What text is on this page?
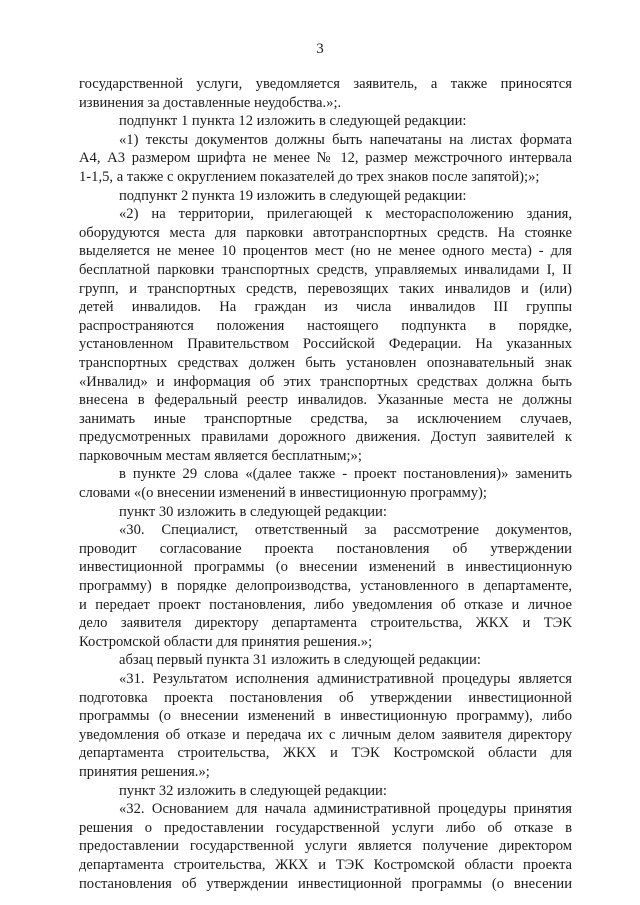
3
государственной услуги, уведомляется заявитель, а также приносятся
извинения за доставленные неудобства.»;.
подпункт 1 пункта 12 изложить в следующей редакции:
«1) тексты документов должны быть напечатаны на листах формата
А4, А3 размером шрифта не менее № 12, размер межстрочного интервала
1-1,5, а также с округлением показателей до трех знаков после запятой);»;
подпункт 2 пункта 19 изложить в следующей редакции:
«2) на территории, прилегающей к месторасположению здания,
оборудуются места для парковки автотранспортных средств. На стоянке
выделяется не менее 10 процентов мест (но не менее одного места) - для
бесплатной парковки транспортных средств, управляемых инвалидами I, II
групп, и транспортных средств, перевозящих таких инвалидов и (или)
детей инвалидов. На граждан из числа инвалидов III группы
распространяются положения настоящего подпункта в порядке,
установленном Правительством Российской Федерации. На указанных
транспортных средствах должен быть установлен опознавательный знак
«Инвалид» и информация об этих транспортных средствах должна быть
внесена в федеральный реестр инвалидов. Указанные места не должны
занимать иные транспортные средства, за исключением случаев,
предусмотренных правилами дорожного движения. Доступ заявителей к
парковочным местам является бесплатным;»;
в пункте 29 слова «(далее также - проект постановления)» заменить
словами «(о внесении изменений в инвестиционную программу);
пункт 30 изложить в следующей редакции:
«30. Специалист, ответственный за рассмотрение документов,
проводит согласование проекта постановления об утверждении
инвестиционной программы (о внесении изменений в инвестиционную
программу) в порядке делопроизводства, установленного в департаменте,
и передает проект постановления, либо уведомления об отказе и личное
дело заявителя директору департамента строительства, ЖКХ и ТЭК
Костромской области для принятия решения.»;
абзац первый пункта 31 изложить в следующей редакции:
«31. Результатом исполнения административной процедуры является
подготовка проекта постановления об утверждении инвестиционной
программы (о внесении изменений в инвестиционную программу), либо
уведомления об отказе и передача их с личным делом заявителя директору
департамента строительства, ЖКХ и ТЭК Костромской области для
принятия решения.»;
пункт 32 изложить в следующей редакции:
«32. Основанием для начала административной процедуры принятия
решения о предоставлении государственной услуги либо об отказе в
предоставлении государственной услуги является получение директором
департамента строительства, ЖКХ и ТЭК Костромской области проекта
постановления об утверждении инвестиционной программы (о внесении
